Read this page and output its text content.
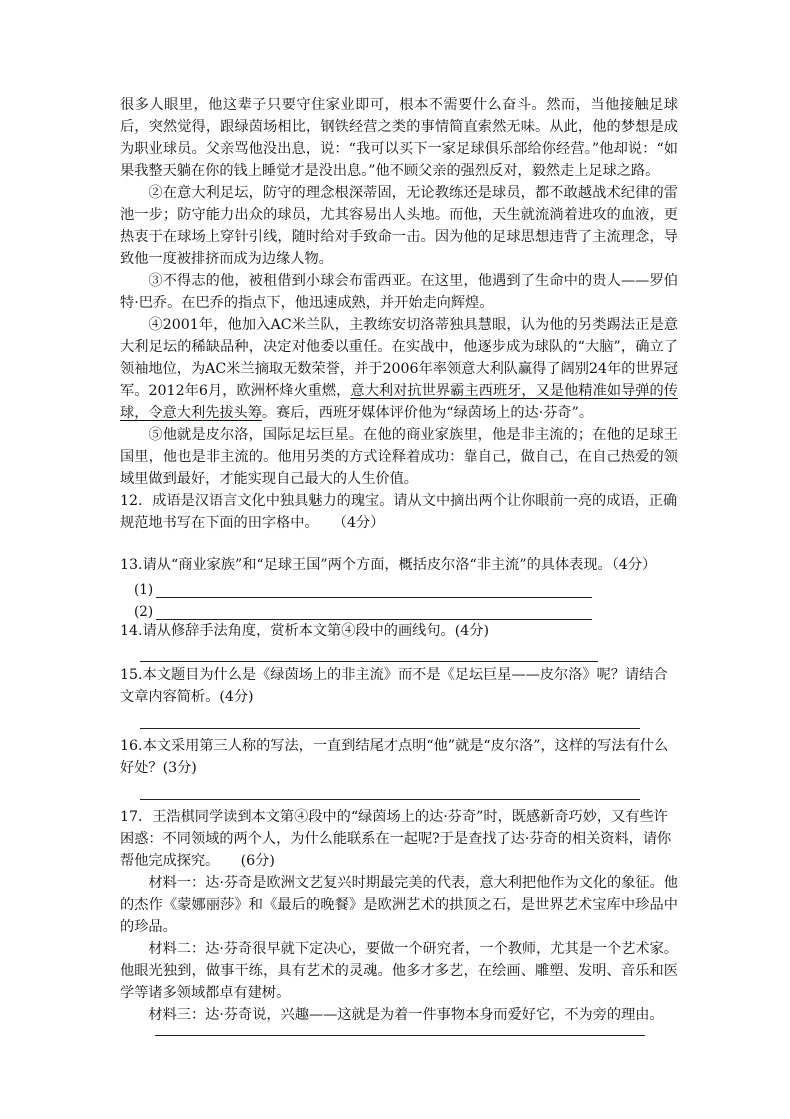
很多人眼里，他这辈子只要守住家业即可，根本不需要什么奋斗。然而，当他接触足球后，突然觉得，跟绿茵场相比，钢铁经营之类的事情简直索然无味。从此，他的梦想是成为职业球员。父亲骂他没出息，说：“我可以买下一家足球俱乐部给你经营。”他却说：“如果我整天躺在你的钱上睡觉才是没出息。”他不顾父亲的强烈反对，毅然走上足球之路。

②在意大利足坛，防守的理念根深蒂固，无论教练还是球员，都不敢越战术纪律的雷池一步；防守能力出众的球员，尤其容易出人头地。而他，天生就流淌着进攻的血液，更热衷于在球场上穿针引线，随时给对手致命一击。因为他的足球思想违背了主流理念，导致他一度被排挤而成为边缘人物。

③不得志的他，被租借到小球会布雷西亚。在这里，他遇到了生命中的贵人——罗伯特·巴乔。在巴乔的指点下，他迅速成熟，并开始走向辉煌。

④2001年，他加入AC米兰队，主教练安切洛蒂独具慧眼，认为他的另类踢法正是意大利足坛的稀缺品种，决定对他委以重任。在实战中，他逐步成为球队的“大脑”，确立了领袖地位，为AC米兰摘取无数荣誉，并于2006年率领意大利队赢得了阔别24年的世界冠军。2012年6月，欧洲杯烽火重燃，意大利对抗世界霸主西班牙，又是他精准如导弹的传球，令意大利先拔头筹。赛后，西班牙媒体评价他为“绿茵场上的达·芬奇”。

⑤他就是皮尔洛，国际足坛巨星。在他的商业家族里，他是非主流的；在他的足球王国里，他也是非主流的。他用另类的方式诠释着成功：靠自己，做自己，在自己热爱的领域里做到最好，才能实现自己最大的人生价值。

12．成语是汉语言文化中独具魅力的瑰宝。请从文中摘出两个让你眼前一亮的成语，正确规范地书写在下面的田字格中。　　（4分）

13.请从“商业家族”和“足球王国”两个方面，概括皮尔洛“非主流”的具体表现。（4分）

(1)
(2)

14.请从修辞手法角度，赏析本文第④段中的画线句。(4分)

15.本文题目为什么是《绿茵场上的非主流》而不是《足坛巨星——皮尔洛》呢？请结合文章内容简析。(4分)

16.本文采用第三人称的写法，一直到结尾才点明“他”就是“皮尔洛”，这样的写法有什么好处？(3分)

17．王浩棋同学读到本文第④段中的“绿茵场上的达·芬奇”时，既感新奇巧妙，又有些许困惑：不同领域的两个人，为什么能联系在一起呢?于是查找了达·芬奇的相关资料，请你帮他完成探究。　　(6分)

材料一：达·芬奇是欧洲文艺复兴时期最完美的代表，意大利把他作为文化的象征。他的杰作《蒙娜丽莎》和《最后的晚餐》是欧洲艺术的拱顶之石，是世界艺术宝库中珍品中的珍品。

材料二：达·芬奇很早就下定决心，要做一个研究者，一个教师，尤其是一个艺术家。他眼光独到，做事干练，具有艺术的灵魂。他多才多艺，在绘画、雕塑、发明、音乐和医学等诸多领域都卓有建树。

材料三：达·芬奇说，兴趣——这就是为着一件事物本身而爱好它，不为旁的理由。
